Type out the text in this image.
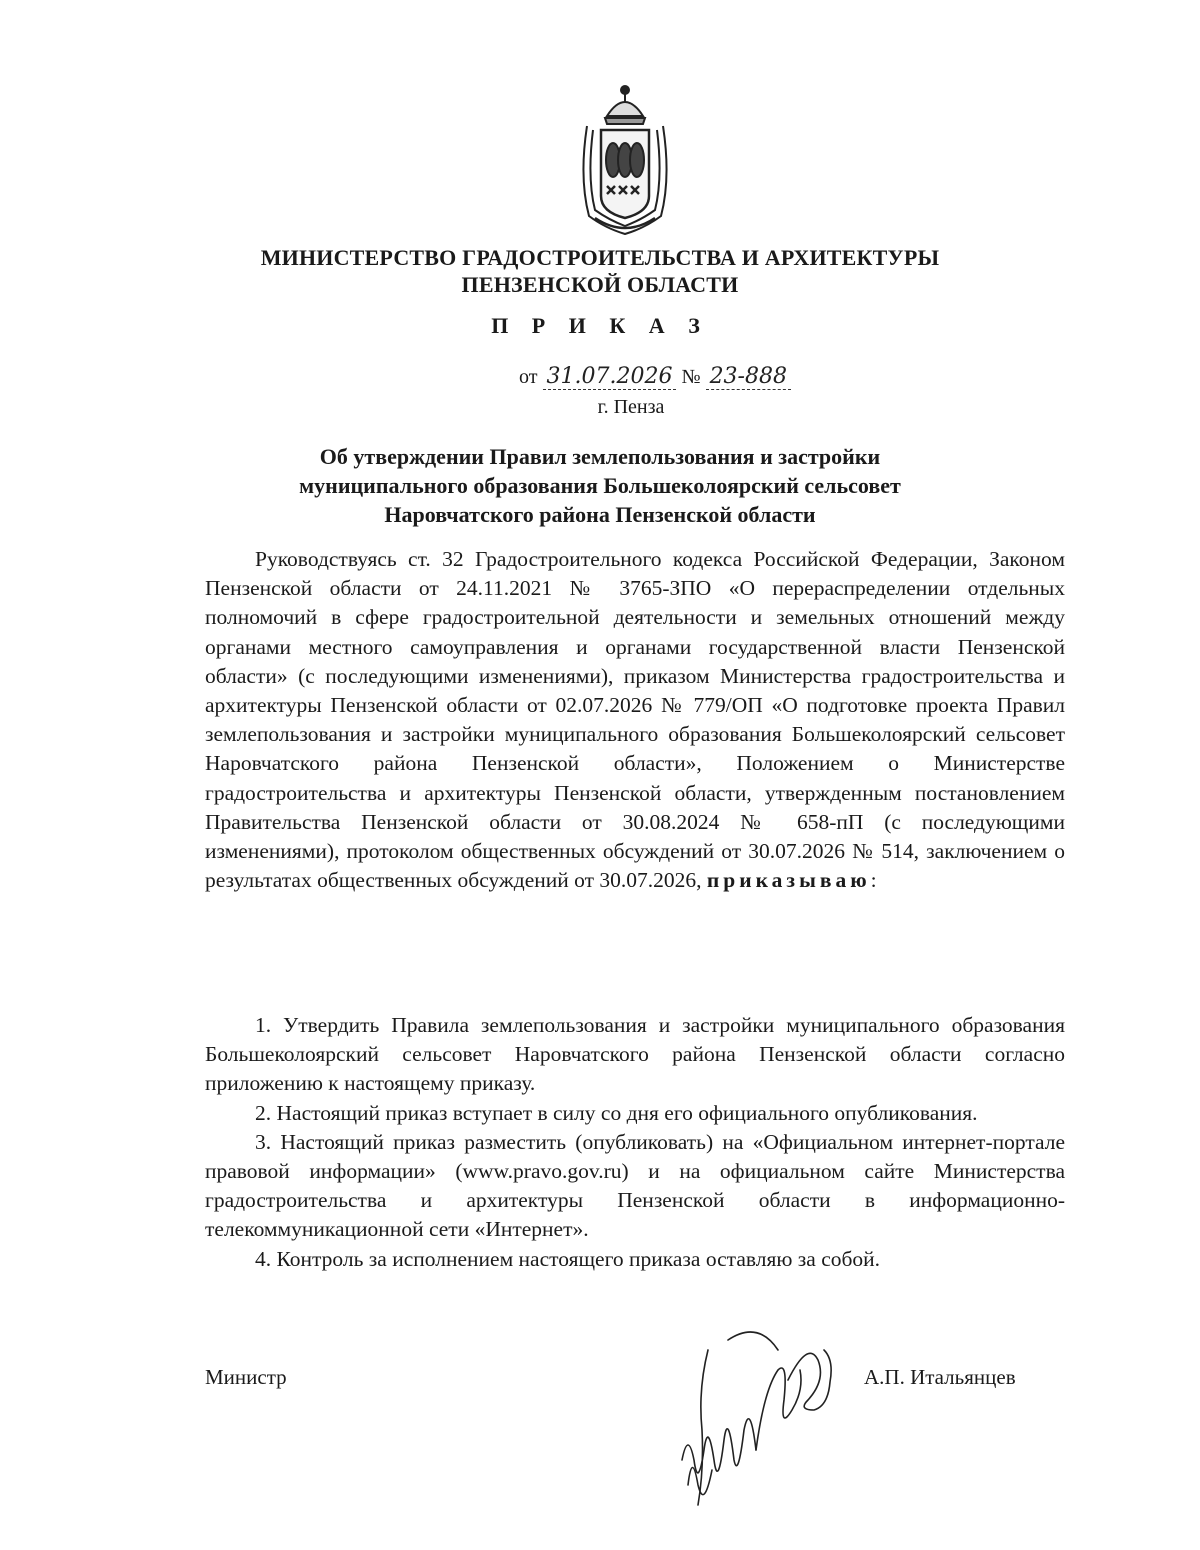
МИНИСТЕРСТВО ГРАДОСТРОИТЕЛЬСТВА И АРХИТЕКТУРЫ
ПЕНЗЕНСКОЙ ОБЛАСТИ
П Р И К А З
от 31.07.2026 № 23-888
г. Пенза
Об утверждении Правил землепользования и застройки
муниципального образования Большеколоярский сельсовет
Наровчатского района Пензенской области

Руководствуясь ст. 32 Градостроительного кодекса Российской Федерации, Законом Пензенской области от 24.11.2021 № 3765-ЗПО «О перераспределении отдельных полномочий в сфере градостроительной деятельности и земельных отношений между органами местного самоуправления и органами государственной власти Пензенской области» (с последующими изменениями), приказом Министерства градостроительства и архитектуры Пензенской области от 02.07.2026 № 779/ОП «О подготовке проекта Правил землепользования и застройки муниципального образования Большеколоярский сельсовет Наровчатского района Пензенской области», Положением о Министерстве градостроительства и архитектуры Пензенской области, утвержденным постановлением Правительства Пензенской области от 30.08.2024 № 658-пП (с последующими изменениями), протоколом общественных обсуждений от 30.07.2026 № 514, заключением о результатах общественных обсуждений от 30.07.2026, приказываю:

1. Утвердить Правила землепользования и застройки муниципального образования Большеколоярский сельсовет Наровчатского района Пензенской области согласно приложению к настоящему приказу.

2. Настоящий приказ вступает в силу со дня его официального опубликования.

3. Настоящий приказ разместить (опубликовать) на «Официальном интернет-портале правовой информации» (www.pravo.gov.ru) и на официальном сайте Министерства градостроительства и архитектуры Пензенской области в информационно-телекоммуникационной сети «Интернет».

4. Контроль за исполнением настоящего приказа оставляю за собой.

Министр	А.П. Итальянцев
